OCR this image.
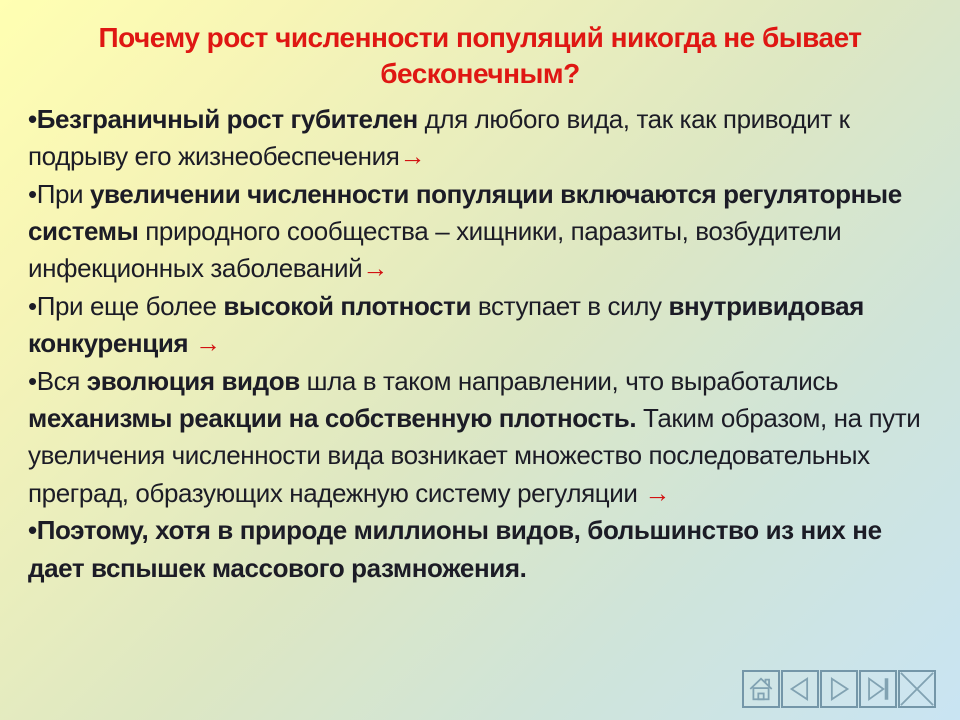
Почему рост численности популяций никогда не бывает бесконечным?

•Безграничный рост губителен для любого вида, так как приводит к подрыву его жизнеобеспечения→

•При увеличении численности популяции включаются регуляторные системы природного сообщества – хищники, паразиты, возбудители инфекционных заболеваний→

•При еще более высокой плотности вступает в силу внутривидовая конкуренция →

•Вся эволюция видов шла в таком направлении, что выработались механизмы реакции на собственную плотность. Таким образом, на пути увеличения численности вида возникает множество последовательных преград, образующих надежную систему регуляции →

•Поэтому, хотя в природе миллионы видов, большинство из них не дает вспышек массового размножения.
